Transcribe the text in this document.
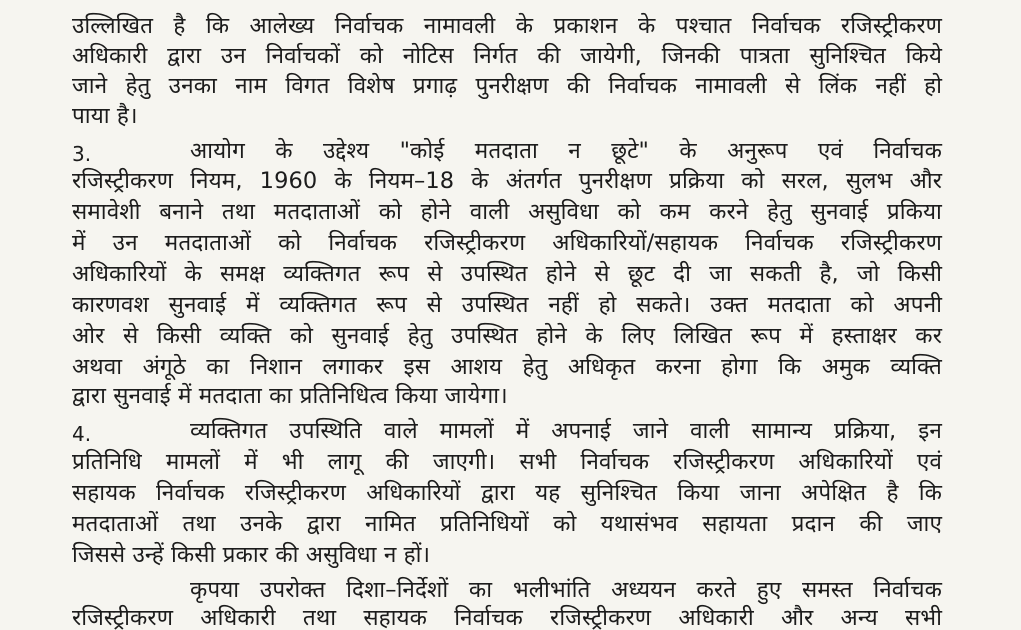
उल्लिखित है कि आलेख्य निर्वाचक नामावली के प्रकाशन के पश्चात निर्वाचक रजिस्ट्रीकरण
अधिकारी द्वारा उन निर्वाचकों को नोटिस निर्गत की जायेगी, जिनकी पात्रता सुनिश्चित किये
जाने हेतु उनका नाम विगत विशेष प्रगाढ़ पुनरीक्षण की निर्वाचक नामावली से लिंक नहीं हो
पाया है।
3.	आयोग के उद्देश्य "कोई मतदाता न छूटे" के अनुरूप एवं निर्वाचक
रजिस्ट्रीकरण नियम, 1960 के नियम–18 के अंतर्गत पुनरीक्षण प्रक्रिया को सरल, सुलभ और
समावेशी बनाने तथा मतदाताओं को होने वाली असुविधा को कम करने हेतु सुनवाई प्रकिया
में उन मतदाताओं को निर्वाचक रजिस्ट्रीकरण अधिकारियों/सहायक निर्वाचक रजिस्ट्रीकरण
अधिकारियों के समक्ष व्यक्तिगत रूप से उपस्थित होने से छूट दी जा सकती है, जो किसी
कारणवश सुनवाई में व्यक्तिगत रूप से उपस्थित नहीं हो सकते। उक्त मतदाता को अपनी
ओर से किसी व्यक्ति को सुनवाई हेतु उपस्थित होने के लिए लिखित रूप में हस्ताक्षर कर
अथवा अंगूठे का निशान लगाकर इस आशय हेतु अधिकृत करना होगा कि अमुक व्यक्ति
द्वारा सुनवाई में मतदाता का प्रतिनिधित्व किया जायेगा।
4.	व्यक्तिगत उपस्थिति वाले मामलों में अपनाई जाने वाली सामान्य प्रक्रिया, इन
प्रतिनिधि मामलों में भी लागू की जाएगी। सभी निर्वाचक रजिस्ट्रीकरण अधिकारियों एवं
सहायक निर्वाचक रजिस्ट्रीकरण अधिकारियों द्वारा यह सुनिश्चित किया जाना अपेक्षित है कि
मतदाताओं तथा उनके द्वारा नामित प्रतिनिधियों को यथासंभव सहायता प्रदान की जाए
जिससे उन्हें किसी प्रकार की असुविधा न हों।
कृपया उपरोक्त दिशा–निर्देशों का भलीभांति अध्ययन करते हुए समस्त निर्वाचक
रजिस्ट्रीकरण अधिकारी तथा सहायक निर्वाचक रजिस्ट्रीकरण अधिकारी और अन्य सभी
